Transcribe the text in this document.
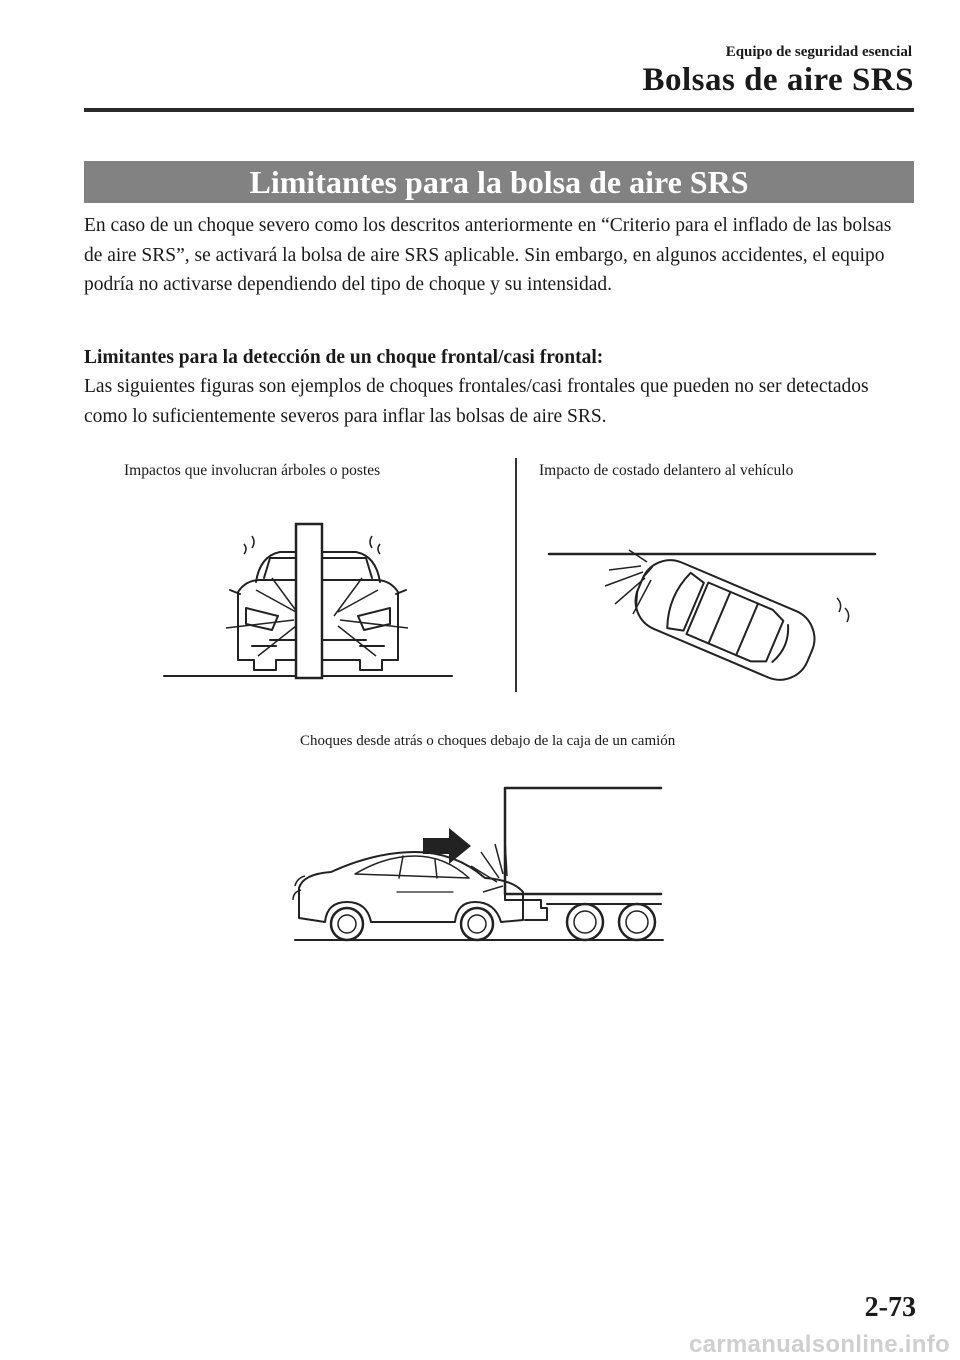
Equipo de seguridad esencial
Bolsas de aire SRS
Limitantes para la bolsa de aire SRS

En caso de un choque severo como los descritos anteriormente en “Criterio para el inflado de las bolsas de aire SRS”, se activará la bolsa de aire SRS aplicable. Sin embargo, en algunos accidentes, el equipo podría no activarse dependiendo del tipo de choque y su intensidad.

Limitantes para la detección de un choque frontal/casi frontal:

Las siguientes figuras son ejemplos de choques frontales/casi frontales que pueden no ser detectados como lo suficientemente severos para inflar las bolsas de aire SRS.

Impactos que involucran árboles o postes	Impacto de costado delantero al vehículo
Choques desde atrás o choques debajo de la caja de un camión
2-73
carmanualsonline.info
